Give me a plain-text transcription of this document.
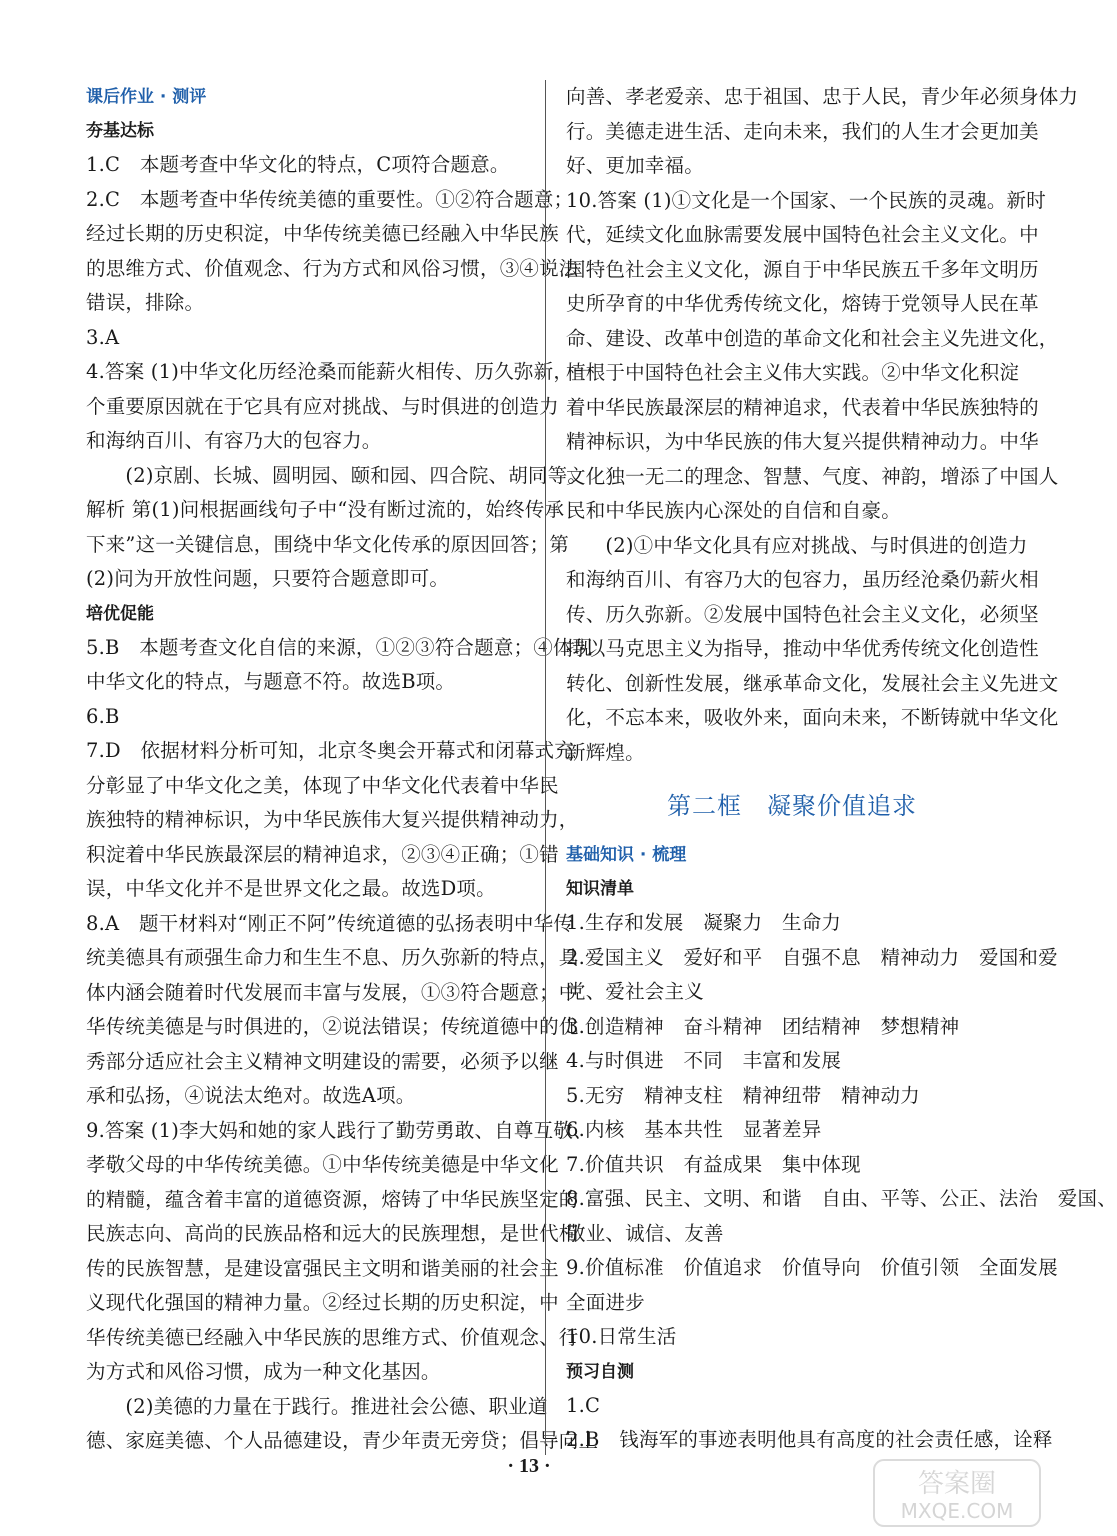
课后作业 · 测评
夯基达标
1.C　本题考查中华文化的特点，C项符合题意。
2.C　本题考查中华传统美德的重要性。①②符合题意；
经过长期的历史积淀，中华传统美德已经融入中华民族
的思维方式、价值观念、行为方式和风俗习惯，③④说法
错误，排除。
3.A
4.答案 (1)中华文化历经沧桑而能薪火相传、历久弥新，一
个重要原因就在于它具有应对挑战、与时俱进的创造力
和海纳百川、有容乃大的包容力。
　　(2)京剧、长城、圆明园、颐和园、四合院、胡同等。
解析 第(1)问根据画线句子中“没有断过流的，始终传承
下来”这一关键信息，围绕中华文化传承的原因回答；第
(2)问为开放性问题，只要符合题意即可。
培优促能
5.B　本题考查文化自信的来源，①②③符合题意；④体现
中华文化的特点，与题意不符。故选B项。
6.B
7.D　依据材料分析可知，北京冬奥会开幕式和闭幕式充
分彰显了中华文化之美，体现了中华文化代表着中华民
族独特的精神标识，为中华民族伟大复兴提供精神动力，
积淀着中华民族最深层的精神追求，②③④正确；①错
误，中华文化并不是世界文化之最。故选D项。
8.A　题干材料对“刚正不阿”传统道德的弘扬表明中华传
统美德具有顽强生命力和生生不息、历久弥新的特点，具
体内涵会随着时代发展而丰富与发展，①③符合题意；中
华传统美德是与时俱进的，②说法错误；传统道德中的优
秀部分适应社会主义精神文明建设的需要，必须予以继
承和弘扬，④说法太绝对。故选A项。
9.答案 (1)李大妈和她的家人践行了勤劳勇敢、自尊互敬、
孝敬父母的中华传统美德。①中华传统美德是中华文化
的精髓，蕴含着丰富的道德资源，熔铸了中华民族坚定的
民族志向、高尚的民族品格和远大的民族理想，是世代相
传的民族智慧，是建设富强民主文明和谐美丽的社会主
义现代化强国的精神力量。②经过长期的历史积淀，中
华传统美德已经融入中华民族的思维方式、价值观念、行
为方式和风俗习惯，成为一种文化基因。
　　(2)美德的力量在于践行。推进社会公德、职业道
德、家庭美德、个人品德建设，青少年责无旁贷；倡导向上
向善、孝老爱亲、忠于祖国、忠于人民，青少年必须身体力
行。美德走进生活、走向未来，我们的人生才会更加美
好、更加幸福。
10.答案 (1)①文化是一个国家、一个民族的灵魂。新时
代，延续文化血脉需要发展中国特色社会主义文化。中
国特色社会主义文化，源自于中华民族五千多年文明历
史所孕育的中华优秀传统文化，熔铸于党领导人民在革
命、建设、改革中创造的革命文化和社会主义先进文化，
植根于中国特色社会主义伟大实践。②中华文化积淀
着中华民族最深层的精神追求，代表着中华民族独特的
精神标识，为中华民族的伟大复兴提供精神动力。中华
文化独一无二的理念、智慧、气度、神韵，增添了中国人
民和中华民族内心深处的自信和自豪。
　　(2)①中华文化具有应对挑战、与时俱进的创造力
和海纳百川、有容乃大的包容力，虽历经沧桑仍薪火相
传、历久弥新。②发展中国特色社会主义文化，必须坚
持以马克思主义为指导，推动中华优秀传统文化创造性
转化、创新性发展，继承革命文化，发展社会主义先进文
化，不忘本来，吸收外来，面向未来，不断铸就中华文化
新辉煌。
第二框　凝聚价值追求
基础知识 · 梳理
知识清单
1.生存和发展　凝聚力　生命力
2.爱国主义　爱好和平　自强不息　精神动力　爱国和爱
党、爱社会主义
3.创造精神　奋斗精神　团结精神　梦想精神
4.与时俱进　不同　丰富和发展
5.无穷　精神支柱　精神纽带　精神动力
6.内核　基本共性　显著差异
7.价值共识　有益成果　集中体现
8.富强、民主、文明、和谐　自由、平等、公正、法治　爱国、
敬业、诚信、友善
9.价值标准　价值追求　价值导向　价值引领　全面发展
全面进步
10.日常生活
预习自测
1.C
2.B　钱海军的事迹表明他具有高度的社会责任感，诠释
· 13 ·
答案圈
MXQE.COM
